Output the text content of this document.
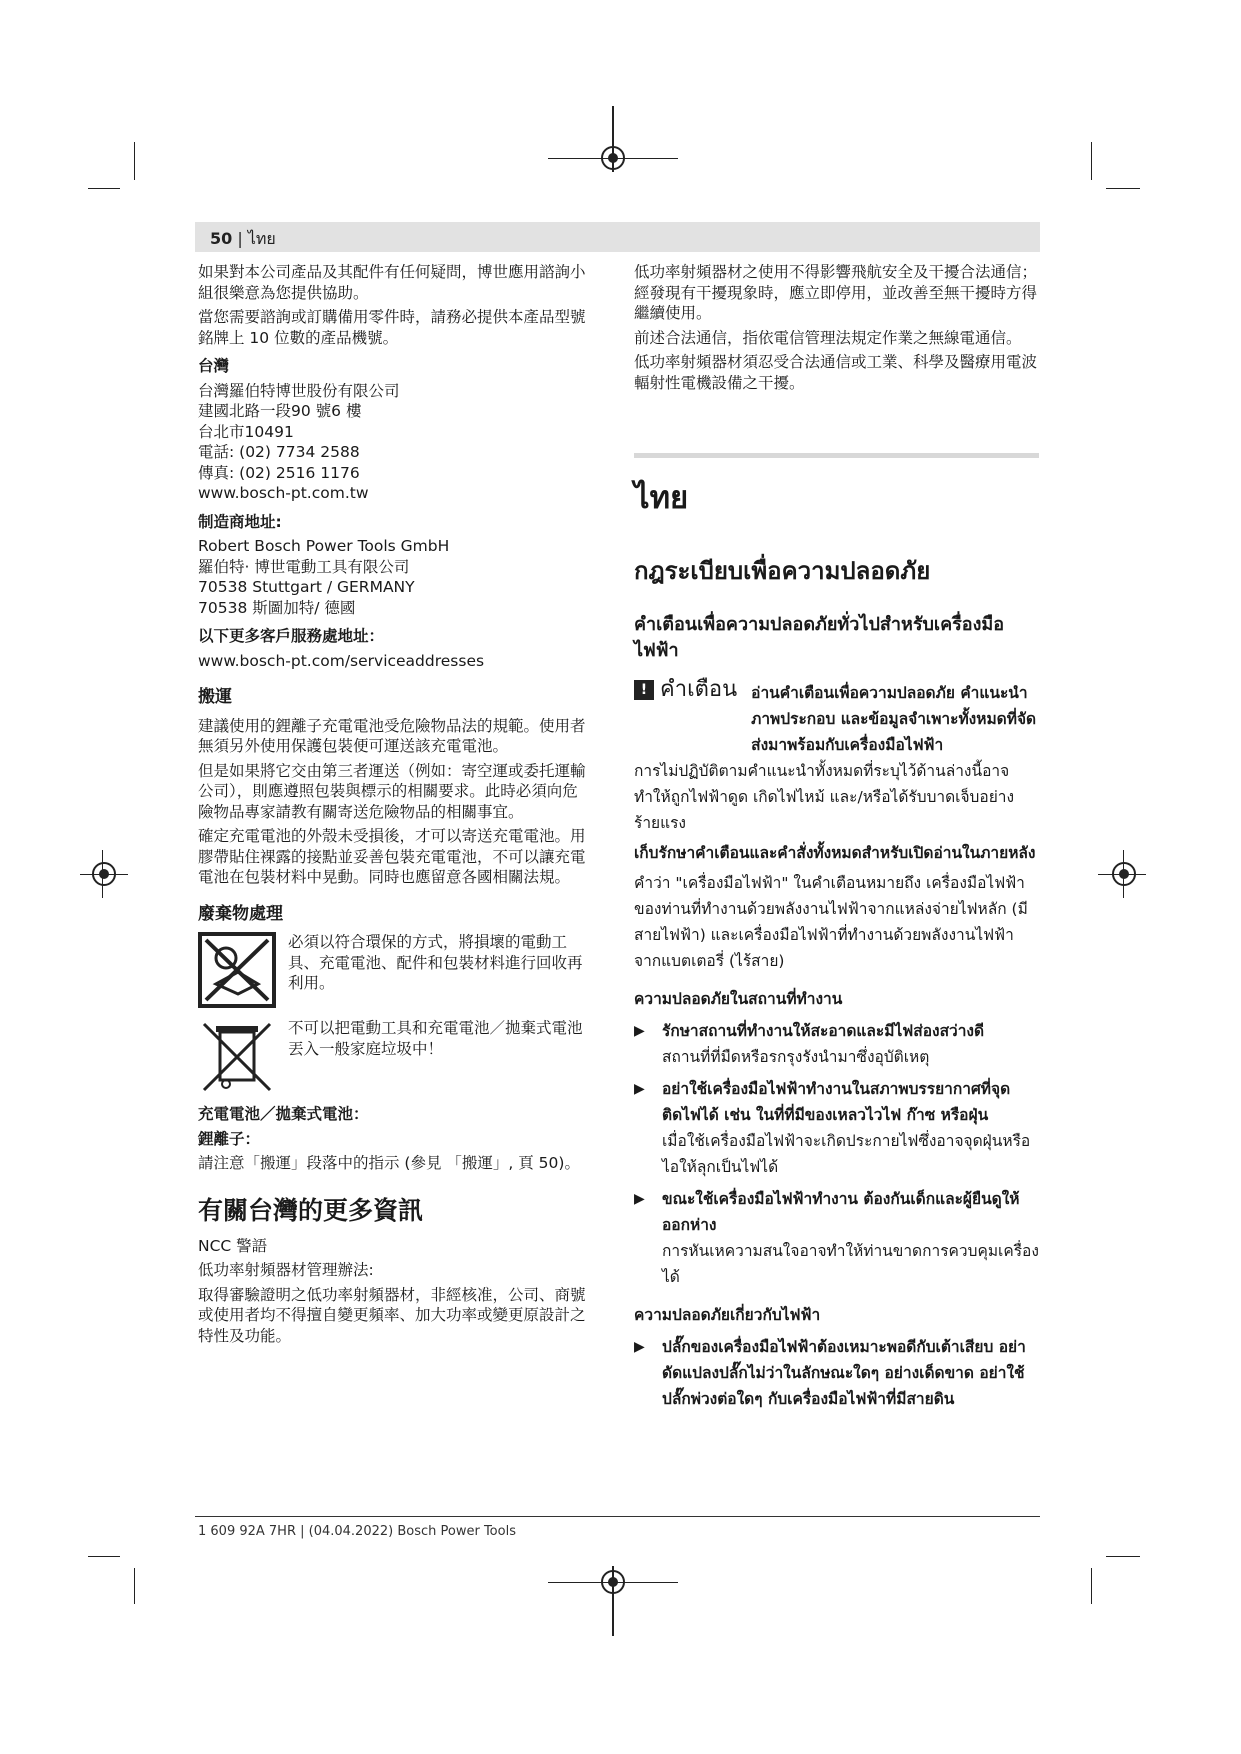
50 | ไทย

如果對本公司產品及其配件有任何疑問，博世應用諮詢小組很樂意為您提供協助。

當您需要諮詢或訂購備用零件時，請務必提供本產品型號銘牌上 10 位數的產品機號。

台灣

台灣羅伯特博世股份有限公司
建國北路一段90 號6 樓
台北市10491
電話: (02) 7734 2588
傳真: (02) 2516 1176
www.bosch-pt.com.tw

制造商地址:

Robert Bosch Power Tools GmbH
羅伯特· 博世電動工具有限公司
70538 Stuttgart / GERMANY
70538 斯圖加特/ 德國

以下更多客戶服務處地址：

www.bosch-pt.com/serviceaddresses

搬運

建議使用的鋰離子充電電池受危險物品法的規範。使用者無須另外使用保護包裝便可運送該充電電池。

但是如果將它交由第三者運送（例如：寄空運或委托運輸公司），則應遵照包裝與標示的相關要求。此時必須向危險物品專家請教有關寄送危險物品的相關事宜。

確定充電電池的外殼未受損後，才可以寄送充電電池。用膠帶貼住裸露的接點並妥善包裝充電電池，不可以讓充電電池在包裝材料中晃動。同時也應留意各國相關法規。

廢棄物處理

必須以符合環保的方式，將損壞的電動工具、充電電池、配件和包裝材料進行回收再利用。

不可以把電動工具和充電電池／拋棄式電池丟入一般家庭垃圾中！

充電電池／拋棄式電池：

鋰離子：

請注意「搬運」段落中的指示 (參見 「搬運」, 頁 50)。

有關台灣的更多資訊

NCC 警語

低功率射頻器材管理辦法:

取得審驗證明之低功率射頻器材，非經核准，公司、商號或使用者均不得擅自變更頻率、加大功率或變更原設計之特性及功能。

低功率射頻器材之使用不得影響飛航安全及干擾合法通信；經發現有干擾現象時，應立即停用，並改善至無干擾時方得繼續使用。

前述合法通信，指依電信管理法規定作業之無線電通信。

低功率射頻器材須忍受合法通信或工業、科學及醫療用電波輻射性電機設備之干擾。

ไทย
กฎระเบียบเพื่อความปลอดภัย
คำเตือนเพื่อความปลอดภัยทั่วไปสำหรับเครื่องมือไฟฟ้า
! คำเตือน อ่านคำเตือนเพื่อความปลอดภัย คำแนะนำ ภาพประกอบ และข้อมูลจำเพาะทั้งหมดที่จัดส่งมาพร้อมกับเครื่องมือไฟฟ้า
การไม่ปฏิบัติตามคำแนะนำทั้งหมดที่ระบุไว้ด้านล่างนี้อาจทำให้ถูกไฟฟ้าดูด เกิดไฟไหม้ และ/หรือได้รับบาดเจ็บอย่างร้ายแรง
เก็บรักษาคำเตือนและคำสั่งทั้งหมดสำหรับเปิดอ่านในภายหลัง
คำว่า "เครื่องมือไฟฟ้า" ในคำเตือนหมายถึง เครื่องมือไฟฟ้าของท่านที่ทำงานด้วยพลังงานไฟฟ้าจากแหล่งจ่ายไฟหลัก (มีสายไฟฟ้า) และเครื่องมือไฟฟ้าที่ทำงานด้วยพลังงานไฟฟ้าจากแบตเตอรี่ (ไร้สาย)
ความปลอดภัยในสถานที่ทำงาน
▶	รักษาสถานที่ทำงานให้สะอาดและมีไฟส่องสว่างดี
สถานที่ที่มืดหรือรกรุงรังนำมาซึ่งอุบัติเหตุ
▶	อย่าใช้เครื่องมือไฟฟ้าทำงานในสภาพบรรยากาศที่จุดติดไฟได้ เช่น ในที่ที่มีของเหลวไวไฟ ก๊าซ หรือฝุ่น
เมื่อใช้เครื่องมือไฟฟ้าจะเกิดประกายไฟซึ่งอาจจุดฝุ่นหรือไอให้ลุกเป็นไฟได้
▶	ขณะใช้เครื่องมือไฟฟ้าทำงาน ต้องกันเด็กและผู้ยืนดูให้ออกห่าง
การหันเหความสนใจอาจทำให้ท่านขาดการควบคุมเครื่องได้
ความปลอดภัยเกี่ยวกับไฟฟ้า
▶	ปลั๊กของเครื่องมือไฟฟ้าต้องเหมาะพอดีกับเต้าเสียบ อย่าดัดแปลงปลั๊กไม่ว่าในลักษณะใดๆ อย่างเด็ดขาด อย่าใช้ปลั๊กพ่วงต่อใดๆ กับเครื่องมือไฟฟ้าที่มีสายดิน
1 609 92A 7HR | (04.04.2022) Bosch Power Tools
